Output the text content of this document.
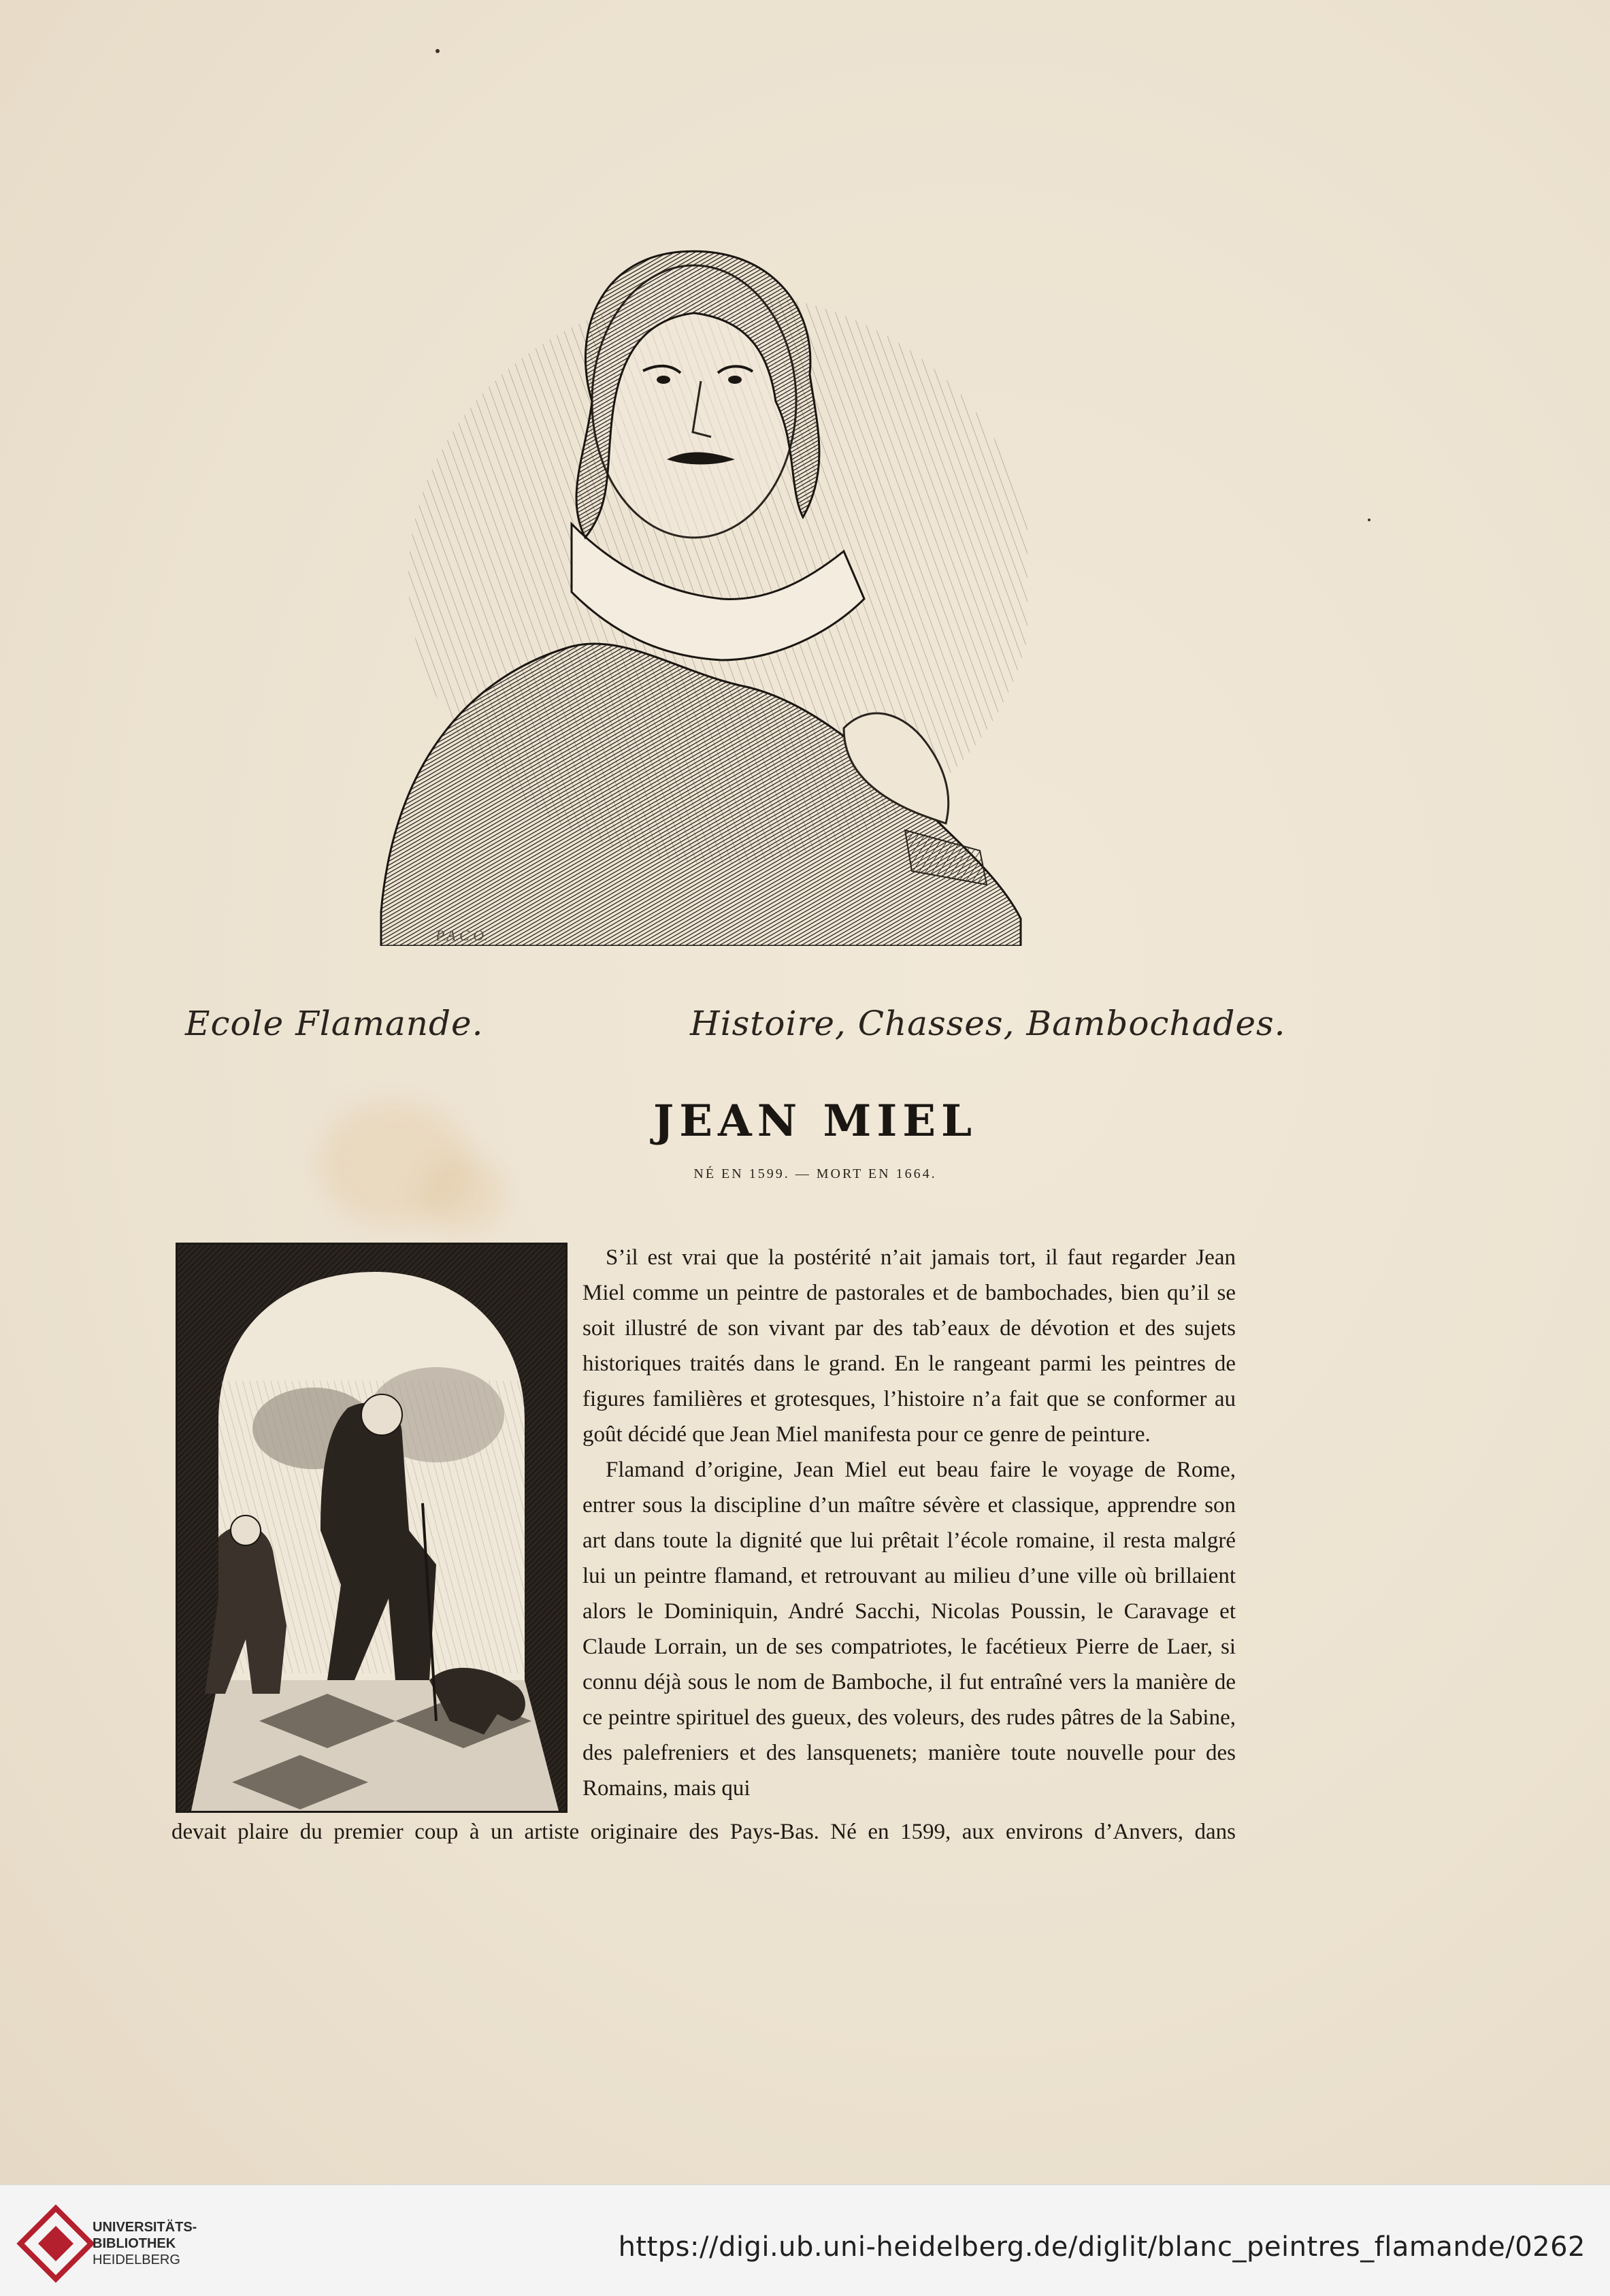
P.A.C.O.
Ecole Flamande.	Histoire, Chasses, Bambochades.
JEAN MIEL
NÉ EN 1599. — MORT EN 1664.

S’il est vrai que la postérité n’ait jamais tort, il faut regarder Jean Miel comme un peintre de pastorales et de bambochades, bien qu’il se soit illustré de son vivant par des tab’eaux de dévotion et des sujets historiques traités dans le grand. En le rangeant parmi les peintres de figures familières et grotesques, l’histoire n’a fait que se conformer au goût décidé que Jean Miel manifesta pour ce genre de peinture.

Flamand d’origine, Jean Miel eut beau faire le voyage de Rome, entrer sous la discipline d’un maître sévère et classique, apprendre son art dans toute la dignité que lui prêtait l’école romaine, il resta malgré lui un peintre flamand, et retrouvant au milieu d’une ville où brillaient alors le Dominiquin, André Sacchi, Nicolas Poussin, le Caravage et Claude Lorrain, un de ses compatriotes, le facétieux Pierre de Laer, si connu déjà sous le nom de Bamboche, il fut entraîné vers la manière de ce peintre spirituel des gueux, des voleurs, des rudes pâtres de la Sabine, des palefreniers et des lansquenets; manière toute nouvelle pour des Romains, mais qui

devait plaire du premier coup à un artiste originaire des Pays-Bas. Né en 1599, aux environs d’Anvers, dans
UNIVERSITÄTS-
BIBLIOTHEK
HEIDELBERG	https://digi.ub.uni-heidelberg.de/diglit/blanc_peintres_flamande/0262
